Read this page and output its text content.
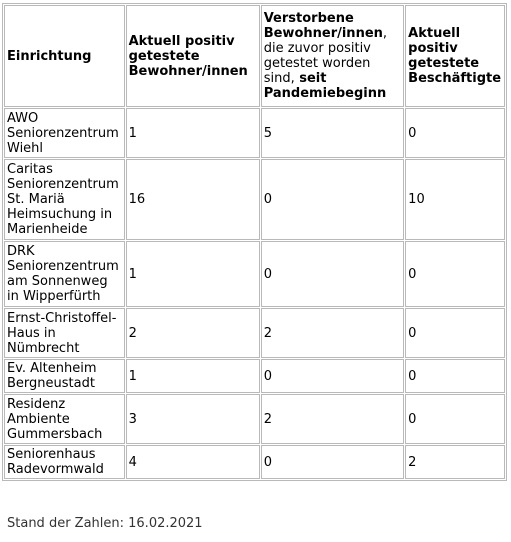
Einrichtung	Aktuell positiv getestete Bewohner/innen	Verstorbene Bewohner/innen, die zuvor positiv getestet worden sind, seit Pandemiebeginn	Aktuell positiv getestete Beschäftigte
AWO Seniorenzentrum Wiehl	1	5	0
Caritas Seniorenzentrum St. Mariä Heimsuchung in Marienheide	16	0	10
DRK Seniorenzentrum am Sonnenweg in Wipperfürth	1	0	0
Ernst-Christoffel-Haus in Nümbrecht	2	2	0
Ev. Altenheim Bergneustadt	1	0	0
Residenz Ambiente Gummersbach	3	2	0
Seniorenhaus Radevormwald	4	0	2
Stand der Zahlen: 16.02.2021
